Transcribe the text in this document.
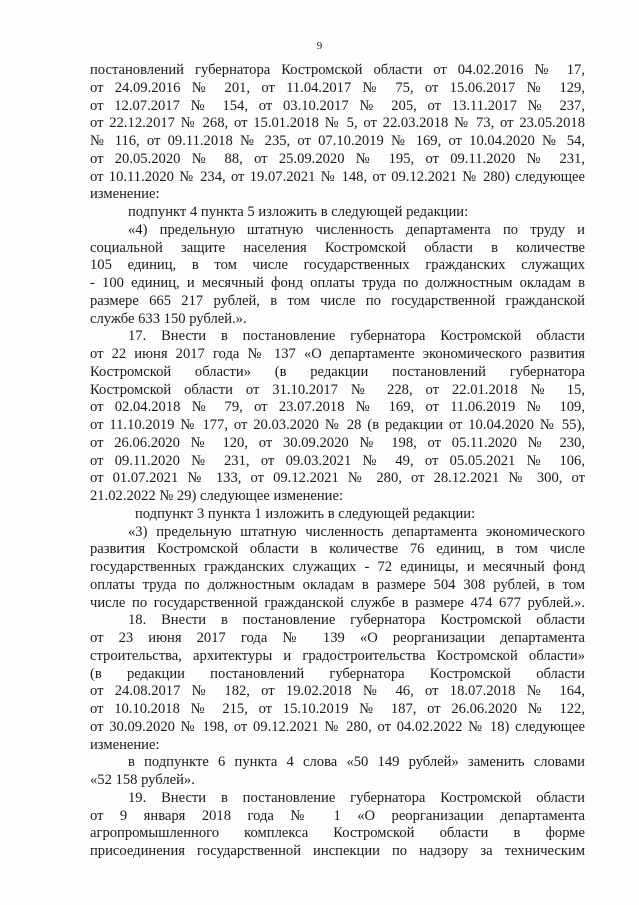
9
постановлений губернатора Костромской области от 04.02.2016 № 17,
от 24.09.2016 № 201, от 11.04.2017 № 75, от 15.06.2017 № 129,
от 12.07.2017 № 154, от 03.10.2017 № 205, от 13.11.2017 № 237,
от 22.12.2017 № 268, от 15.01.2018 № 5, от 22.03.2018 № 73, от 23.05.2018
№ 116, от 09.11.2018 № 235, от 07.10.2019 № 169, от 10.04.2020 № 54,
от 20.05.2020 № 88, от 25.09.2020 № 195, от 09.11.2020 № 231,
от 10.11.2020 № 234, от 19.07.2021 № 148, от 09.12.2021 № 280) следующее
изменение:
подпункт 4 пункта 5 изложить в следующей редакции:
«4) предельную штатную численность департамента по труду и
социальной защите населения Костромской области в количестве
105 единиц, в том числе государственных гражданских служащих
- 100 единиц, и месячный фонд оплаты труда по должностным окладам в
размере 665 217 рублей, в том числе по государственной гражданской
службе 633 150 рублей.».
17. Внести в постановление губернатора Костромской области
от 22 июня 2017 года № 137 «О департаменте экономического развития
Костромской области» (в редакции постановлений губернатора
Костромской области от 31.10.2017 № 228, от 22.01.2018 № 15,
от 02.04.2018 № 79, от 23.07.2018 № 169, от 11.06.2019 № 109,
от 11.10.2019 № 177, от 20.03.2020 № 28 (в редакции от 10.04.2020 № 55),
от 26.06.2020 № 120, от 30.09.2020 № 198, от 05.11.2020 № 230,
от 09.11.2020 № 231, от 09.03.2021 № 49, от 05.05.2021 № 106,
от 01.07.2021 № 133, от 09.12.2021 № 280, от 28.12.2021 № 300, от
21.02.2022 № 29) следующее изменение:
подпункт 3 пункта 1 изложить в следующей редакции:
«3) предельную штатную численность департамента экономического
развития Костромской области в количестве 76 единиц, в том числе
государственных гражданских служащих - 72 единицы, и месячный фонд
оплаты труда по должностным окладам в размере 504 308 рублей, в том
числе по государственной гражданской службе в размере 474 677 рублей.».
18. Внести в постановление губернатора Костромской области
от 23 июня 2017 года № 139 «О реорганизации департамента
строительства, архитектуры и градостроительства Костромской области»
(в редакции постановлений губернатора Костромской области
от 24.08.2017 № 182, от 19.02.2018 № 46, от 18.07.2018 № 164,
от 10.10.2018 № 215, от 15.10.2019 № 187, от 26.06.2020 № 122,
от 30.09.2020 № 198, от 09.12.2021 № 280, от 04.02.2022 № 18) следующее
изменение:
в подпункте 6 пункта 4 слова «50 149 рублей» заменить словами
«52 158 рублей».
19. Внести в постановление губернатора Костромской области
от 9 января 2018 года № 1 «О реорганизации департамента
агропромышленного комплекса Костромской области в форме
присоединения государственной инспекции по надзору за техническим
